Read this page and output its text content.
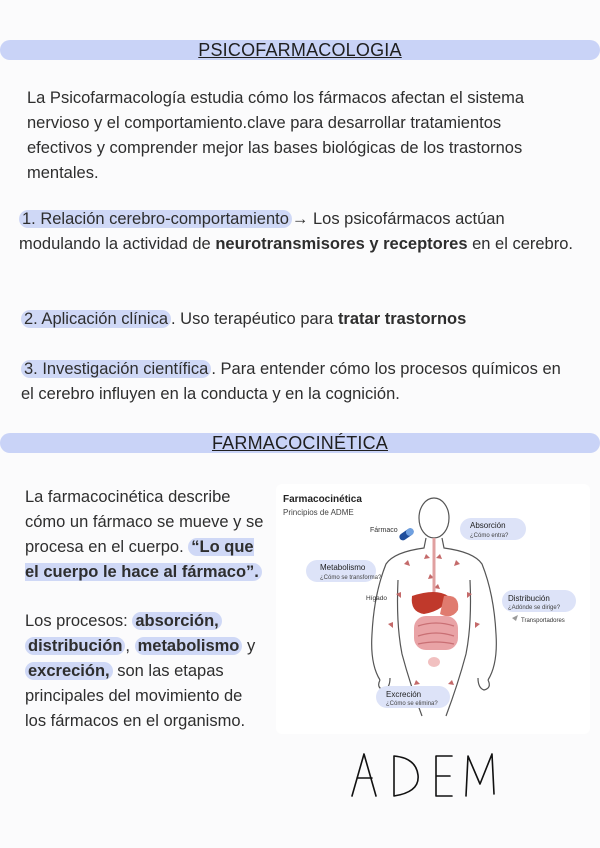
PSICOFARMACOLOGIA
La Psicofarmacología estudia cómo los fármacos afectan el sistema nervioso y el comportamiento.clave para desarrollar tratamientos efectivos y comprender mejor las bases biológicas de los trastornos mentales.
1. Relación cerebro-comportamiento → Los psicofármacos actúan modulando la actividad de neurotransmisores y receptores en el cerebro.
2. Aplicación clínica . Uso terapéutico para tratar trastornos
3. Investigación científica . Para entender cómo los procesos químicos en el cerebro influyen en la conducta y en la cognición.
FARMACOCINÉTICA
La farmacocinética describe cómo un fármaco se mueve y se procesa en el cuerpo. “Lo que el cuerpo le hace al fármaco”.
Los procesos: absorción, distribución , metabolismo y excreción, son las etapas principales del movimiento de los fármacos en el organismo.
Farmacocinética
Principios de ADME
Fármaco
Absorción
¿Cómo entra?
Metabolismo
¿Cómo se transforma?
Hígado	Distribución
¿Adónde se dirige?
Transportadores
Excreción
¿Cómo se elimina?
